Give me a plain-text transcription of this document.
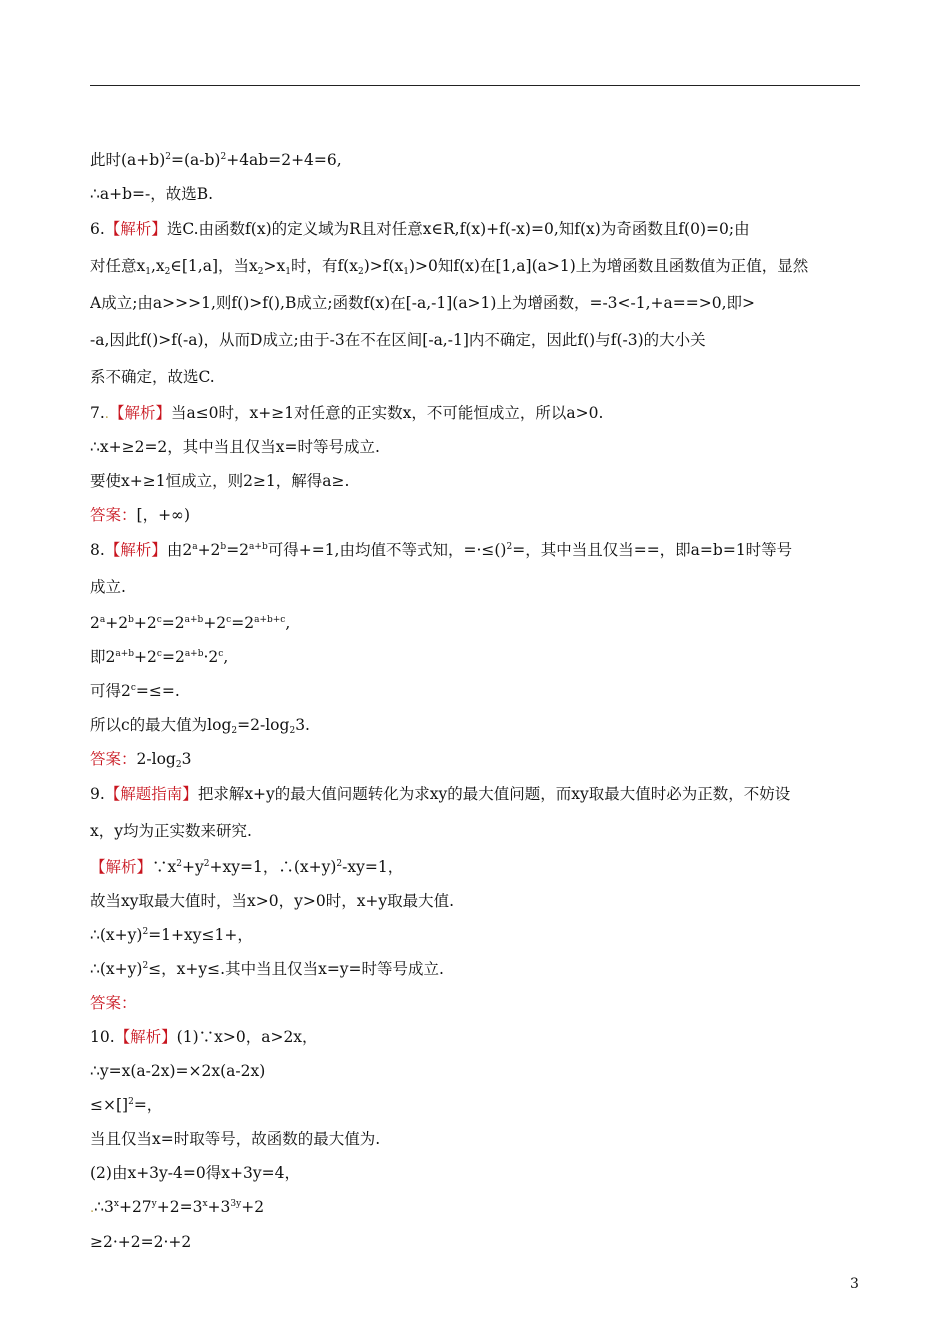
此时$(a+b)^2=(a-b)^2+4ab=2+4=6$,
∴a+b=-，故选B.
6.【解析】选C.由函数f(x)的定义域为R且对任意x∈R,f(x)+f(-x)=0,知f(x)为奇函数且f(0)=0;由
对任意$x_1,x_2\in[1,a]$，当$x_2>x_1$时，有$f(x_2)>f(x_1)>0$知f(x)在[1,a](a>1)上为增函数且函数值为正值，显然
A成立;由a>>>1,则f()>f(),B成立;函数f(x)在[-a,-1](a>1)上为增函数，=-3<-1,+a==>0,即>
-a,因此f()>f(-a)，从而D成立;由于-3在不在区间[-a,-1]内不确定，因此f()与f(-3)的大小关
系不确定，故选C.
7..【解析】当a≤0时，x+≥1对任意的正实数x，不可能恒成立，所以a>0.
∴x+≥2=2，其中当且仅当x=时等号成立.
要使x+≥1恒成立，则2≥1，解得a≥.
答案：[，+∞)
8.【解析】由$2^a+2^b=2^{a+b}$可得+=1,由均值不等式知，=·≤()$^2$=，其中当且仅当==，即a=b=1时等号
成立.
$2^a+2^b+2^c=2^{a+b}+2^c=2^{a+b+c}$,
即$2^{a+b}+2^c=2^{a+b}\cdot 2^c$,
可得$2^c=\le=$.
所以c的最大值为$\log_2=2-\log_23$.
答案：$2-\log_23$
9.【解题指南】把求解x+y的最大值问题转化为求xy的最大值问题，而xy取最大值时必为正数，不妨设
x，y均为正实数来研究.
【解析】$\because x^2+y^2+xy=1$，$\therefore(x+y)^2-xy=1$，
故当xy取最大值时，当x>0，y>0时，x+y取最大值.
$\therefore(x+y)^2=1+xy\le 1+$，
$\therefore(x+y)^2\le$，x+y≤.其中当且仅当x=y=时等号成立.
答案：
10.【解析】(1)∵x>0，a>2x，
∴y=x(a-2x)=×2x(a-2x)
≤×[]$^2$=，
当且仅当x=时取等号，故函数的最大值为.
(2)由x+3y-4=0得x+3y=4，
$.\therefore 3^x+27^y+2=3^x+3^{3y}+2$
≥2·+2=2·+2
3
